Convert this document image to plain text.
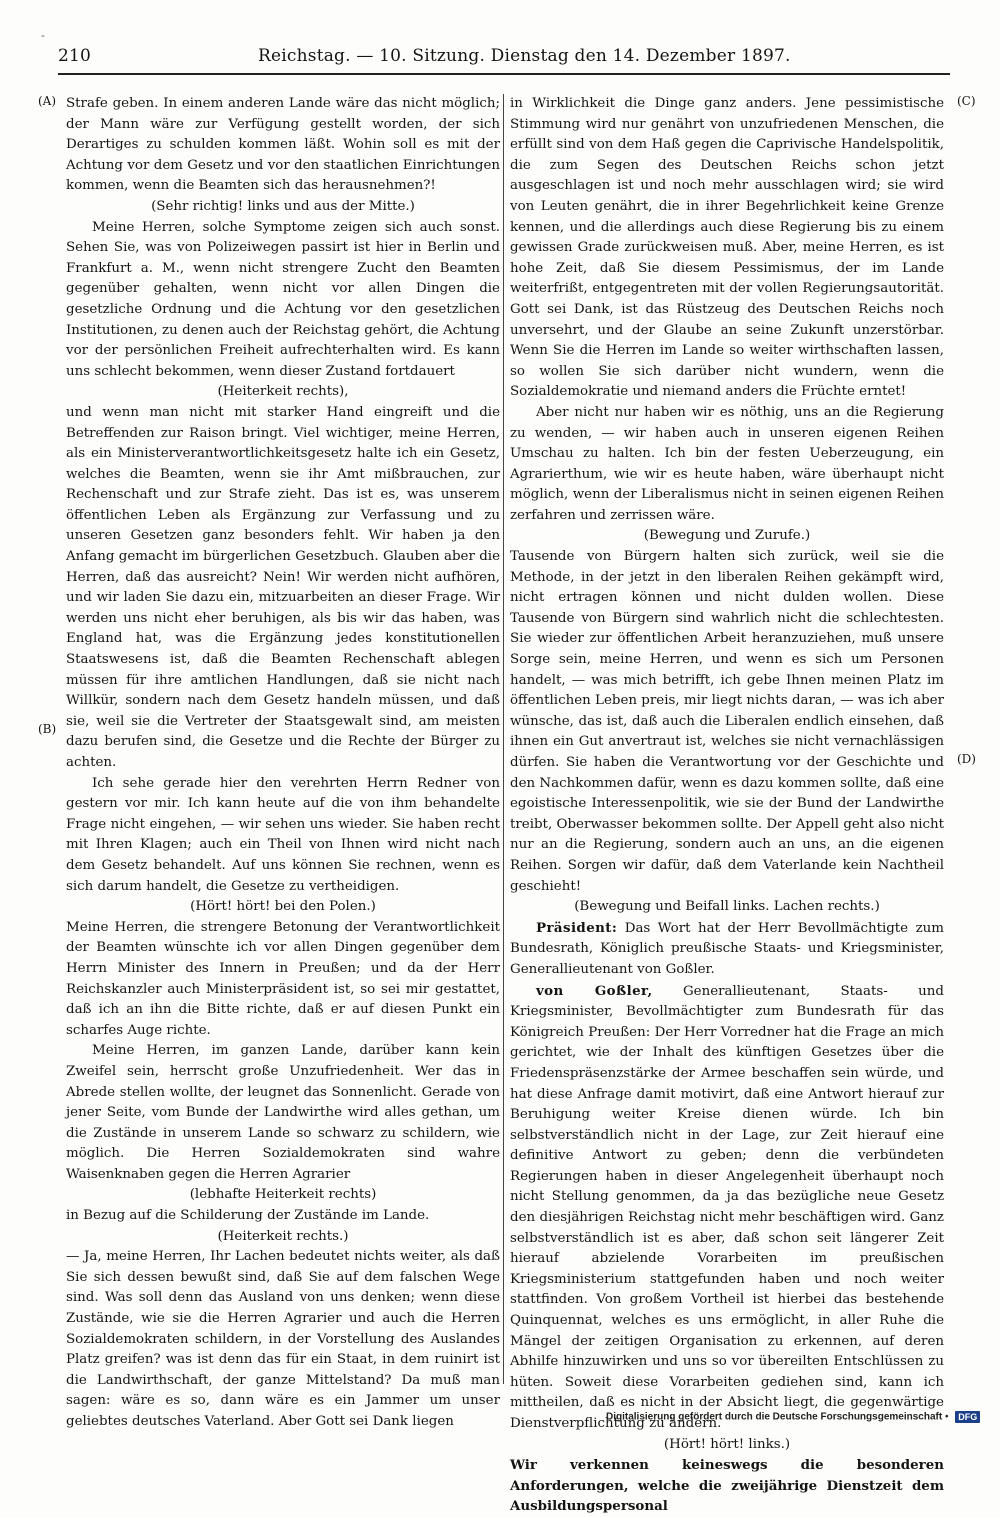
-
210	Reichstag. — 10. Sitzung. Dienstag den 14. Dezember 1897.
(A)
(B)
(C)
(D)

Strafe geben. In einem anderen Lande wäre das nicht möglich; der Mann wäre zur Verfügung gestellt worden, der sich Derartiges zu schulden kommen läßt. Wohin soll es mit der Achtung vor dem Gesetz und vor den staatlichen Einrichtungen kommen, wenn die Beamten sich das herausnehmen?!

(Sehr richtig! links und aus der Mitte.)

Meine Herren, solche Symptome zeigen sich auch sonst. Sehen Sie, was von Polizeiwegen passirt ist hier in Berlin und Frankfurt a. M., wenn nicht strengere Zucht den Beamten gegenüber gehalten, wenn nicht vor allen Dingen die gesetzliche Ordnung und die Achtung vor den gesetzlichen Institutionen, zu denen auch der Reichstag gehört, die Achtung vor der persönlichen Freiheit aufrechterhalten wird. Es kann uns schlecht bekommen, wenn dieser Zustand fortdauert

(Heiterkeit rechts),

und wenn man nicht mit starker Hand eingreift und die Betreffenden zur Raison bringt. Viel wichtiger, meine Herren, als ein Ministerverantwortlichkeitsgesetz halte ich ein Gesetz, welches die Beamten, wenn sie ihr Amt mißbrauchen, zur Rechenschaft und zur Strafe zieht. Das ist es, was unserem öffentlichen Leben als Ergänzung zur Verfassung und zu unseren Gesetzen ganz besonders fehlt. Wir haben ja den Anfang gemacht im bürgerlichen Gesetzbuch. Glauben aber die Herren, daß das ausreicht? Nein! Wir werden nicht aufhören, und wir laden Sie dazu ein, mitzuarbeiten an dieser Frage. Wir werden uns nicht eher beruhigen, als bis wir das haben, was England hat, was die Ergänzung jedes konstitutionellen Staatswesens ist, daß die Beamten Rechenschaft ablegen müssen für ihre amtlichen Handlungen, daß sie nicht nach Willkür, sondern nach dem Gesetz handeln müssen, und daß sie, weil sie die Vertreter der Staatsgewalt sind, am meisten dazu berufen sind, die Gesetze und die Rechte der Bürger zu achten.

Ich sehe gerade hier den verehrten Herrn Redner von gestern vor mir. Ich kann heute auf die von ihm behandelte Frage nicht eingehen, — wir sehen uns wieder. Sie haben recht mit Ihren Klagen; auch ein Theil von Ihnen wird nicht nach dem Gesetz behandelt. Auf uns können Sie rechnen, wenn es sich darum handelt, die Gesetze zu vertheidigen.

(Hört! hört! bei den Polen.)

Meine Herren, die strengere Betonung der Verantwortlichkeit der Beamten wünschte ich vor allen Dingen gegenüber dem Herrn Minister des Innern in Preußen; und da der Herr Reichskanzler auch Ministerpräsident ist, so sei mir gestattet, daß ich an ihn die Bitte richte, daß er auf diesen Punkt ein scharfes Auge richte.

Meine Herren, im ganzen Lande, darüber kann kein Zweifel sein, herrscht große Unzufriedenheit. Wer das in Abrede stellen wollte, der leugnet das Sonnenlicht. Gerade von jener Seite, vom Bunde der Landwirthe wird alles gethan, um die Zustände in unserem Lande so schwarz zu schildern, wie möglich. Die Herren Sozialdemokraten sind wahre Waisenknaben gegen die Herren Agrarier

(lebhafte Heiterkeit rechts)

in Bezug auf die Schilderung der Zustände im Lande.

(Heiterkeit rechts.)

— Ja, meine Herren, Ihr Lachen bedeutet nichts weiter, als daß Sie sich dessen bewußt sind, daß Sie auf dem falschen Wege sind. Was soll denn das Ausland von uns denken; wenn diese Zustände, wie sie die Herren Agrarier und auch die Herren Sozialdemokraten schildern, in der Vorstellung des Auslandes Platz greifen? was ist denn das für ein Staat, in dem ruinirt ist die Landwirthschaft, der ganze Mittelstand? Da muß man sagen: wäre es so, dann wäre es ein Jammer um unser geliebtes deutsches Vaterland. Aber Gott sei Dank liegen

in Wirklichkeit die Dinge ganz anders. Jene pessimistische Stimmung wird nur genährt von unzufriedenen Menschen, die erfüllt sind von dem Haß gegen die Caprivische Handelspolitik, die zum Segen des Deutschen Reichs schon jetzt ausgeschlagen ist und noch mehr ausschlagen wird; sie wird von Leuten genährt, die in ihrer Begehrlichkeit keine Grenze kennen, und die allerdings auch diese Regierung bis zu einem gewissen Grade zurückweisen muß. Aber, meine Herren, es ist hohe Zeit, daß Sie diesem Pessimismus, der im Lande weiterfrißt, entgegentreten mit der vollen Regierungsautorität. Gott sei Dank, ist das Rüstzeug des Deutschen Reichs noch unversehrt, und der Glaube an seine Zukunft unzerstörbar. Wenn Sie die Herren im Lande so weiter wirthschaften lassen, so wollen Sie sich darüber nicht wundern, wenn die Sozialdemokratie und niemand anders die Früchte erntet!

Aber nicht nur haben wir es nöthig, uns an die Regierung zu wenden, — wir haben auch in unseren eigenen Reihen Umschau zu halten. Ich bin der festen Ueberzeugung, ein Agrarierthum, wie wir es heute haben, wäre überhaupt nicht möglich, wenn der Liberalismus nicht in seinen eigenen Reihen zerfahren und zerrissen wäre.

(Bewegung und Zurufe.)

Tausende von Bürgern halten sich zurück, weil sie die Methode, in der jetzt in den liberalen Reihen gekämpft wird, nicht ertragen können und nicht dulden wollen. Diese Tausende von Bürgern sind wahrlich nicht die schlechtesten. Sie wieder zur öffentlichen Arbeit heranzuziehen, muß unsere Sorge sein, meine Herren, und wenn es sich um Personen handelt, — was mich betrifft, ich gebe Ihnen meinen Platz im öffentlichen Leben preis, mir liegt nichts daran, — was ich aber wünsche, das ist, daß auch die Liberalen endlich einsehen, daß ihnen ein Gut anvertraut ist, welches sie nicht vernachlässigen dürfen. Sie haben die Verantwortung vor der Geschichte und den Nachkommen dafür, wenn es dazu kommen sollte, daß eine egoistische Interessenpolitik, wie sie der Bund der Landwirthe treibt, Oberwasser bekommen sollte. Der Appell geht also nicht nur an die Regierung, sondern auch an uns, an die eigenen Reihen. Sorgen wir dafür, daß dem Vaterlande kein Nachtheil geschieht!

(Bewegung und Beifall links. Lachen rechts.)

Präsident: Das Wort hat der Herr Bevollmächtigte zum Bundesrath, Königlich preußische Staats- und Kriegsminister, Generallieutenant von Goßler.

von Goßler, Generallieutenant, Staats- und Kriegsminister, Bevollmächtigter zum Bundesrath für das Königreich Preußen: Der Herr Vorredner hat die Frage an mich gerichtet, wie der Inhalt des künftigen Gesetzes über die Friedenspräsenzstärke der Armee beschaffen sein würde, und hat diese Anfrage damit motivirt, daß eine Antwort hierauf zur Beruhigung weiter Kreise dienen würde. Ich bin selbstverständlich nicht in der Lage, zur Zeit hierauf eine definitive Antwort zu geben; denn die verbündeten Regierungen haben in dieser Angelegenheit überhaupt noch nicht Stellung genommen, da ja das bezügliche neue Gesetz den diesjährigen Reichstag nicht mehr beschäftigen wird. Ganz selbstverständlich ist es aber, daß schon seit längerer Zeit hierauf abzielende Vorarbeiten im preußischen Kriegsministerium stattgefunden haben und noch weiter stattfinden. Von großem Vortheil ist hierbei das bestehende Quinquennat, welches es uns ermöglicht, in aller Ruhe die Mängel der zeitigen Organisation zu erkennen, auf deren Abhilfe hinzuwirken und uns so vor übereilten Entschlüssen zu hüten. Soweit diese Vorarbeiten gediehen sind, kann ich mittheilen, daß es nicht in der Absicht liegt, die gegenwärtige Dienstverpflichtung zu ändern.

(Hört! hört! links.)

Wir verkennen keineswegs die besonderen Anforderungen, welche die zweijährige Dienstzeit dem Ausbildungspersonal

Digitalisierung gefördert durch die Deutsche Forschungsgemeinschaft • DFG
